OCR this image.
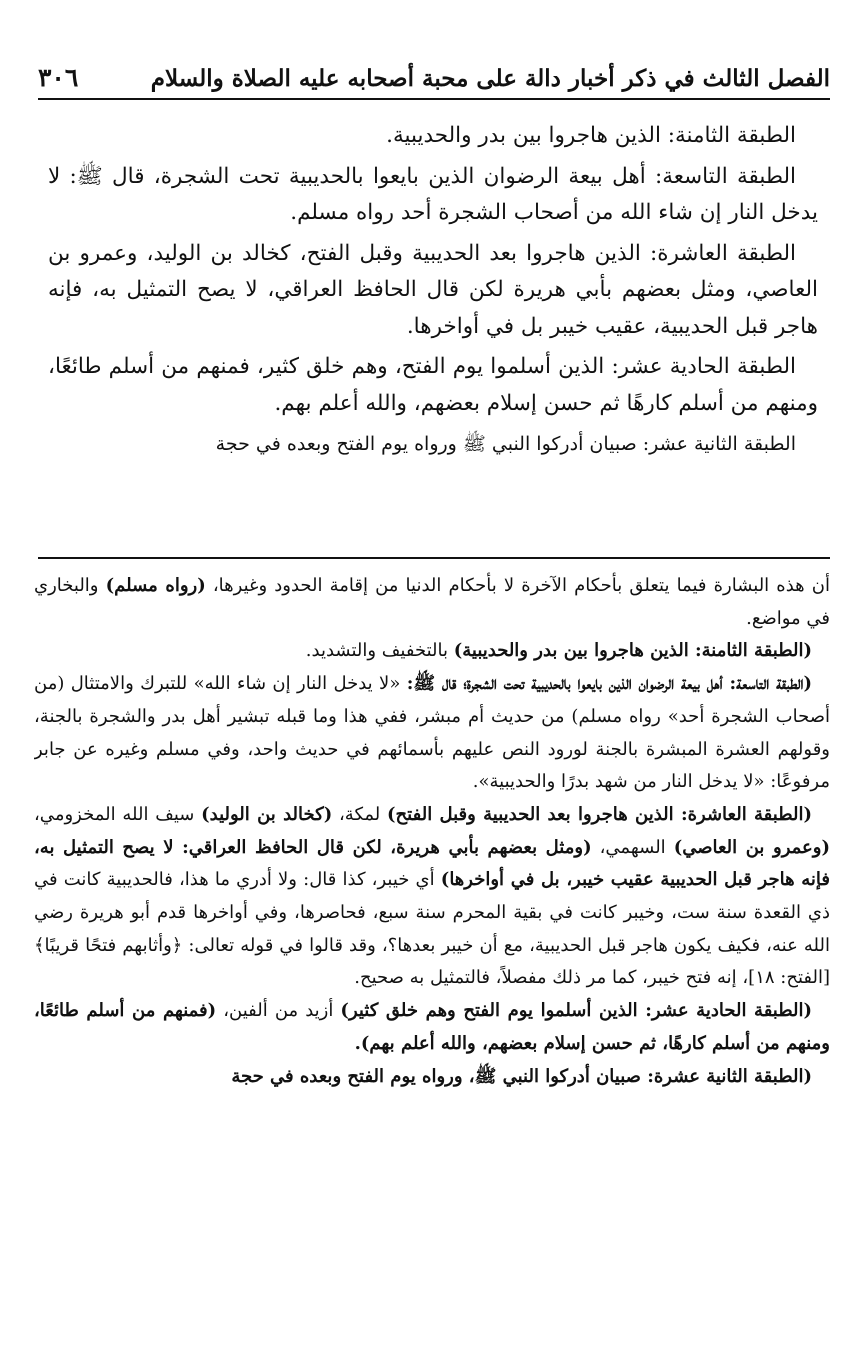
الفصل الثالث في ذكر أخبار دالة على محبة أصحابه عليه الصلاة والسلام
٣٠٦

الطبقة الثامنة: الذين هاجروا بين بدر والحديبية.

الطبقة التاسعة: أهل بيعة الرضوان الذين بايعوا بالحديبية تحت الشجرة، قال ﷺ: لا يدخل النار إن شاء الله من أصحاب الشجرة أحد رواه مسلم.

الطبقة العاشرة: الذين هاجروا بعد الحديبية وقبل الفتح، كخالد بن الوليد، وعمرو بن العاصي، ومثل بعضهم بأبي هريرة لكن قال الحافظ العراقي، لا يصح التمثيل به، فإنه هاجر قبل الحديبية، عقيب خيبر بل في أواخرها.

الطبقة الحادية عشر: الذين أسلموا يوم الفتح، وهم خلق كثير، فمنهم من أسلم طائعًا، ومنهم من أسلم كارهًا ثم حسن إسلام بعضهم، والله أعلم بهم.

الطبقة الثانية عشر: صبيان أدركوا النبي ﷺ ورواه يوم الفتح وبعده في حجة

أن هذه البشارة فيما يتعلق بأحكام الآخرة لا بأحكام الدنيا من إقامة الحدود وغيرها، (رواه مسلم) والبخاري في مواضع.

(الطبقة الثامنة: الذين هاجروا بين بدر والحديبية) بالتخفيف والتشديد.

(الطبقة التاسعة: أهل بيعة الرضوان الذين بايعوا بالحديبية تحت الشجرة؛ قال ﷺ: «لا يدخل النار إن شاء الله» للتبرك والامتثال (من أصحاب الشجرة أحد» رواه مسلم) من حديث أم مبشر، ففي هذا وما قبله تبشير أهل بدر والشجرة بالجنة، وقولهم العشرة المبشرة بالجنة لورود النص عليهم بأسمائهم في حديث واحد، وفي مسلم وغيره عن جابر مرفوعًا: «لا يدخل النار من شهد بدرًا والحديبية».

(الطبقة العاشرة: الذين هاجروا بعد الحديبية وقبل الفتح) لمكة، (كخالد بن الوليد) سيف الله المخزومي، (وعمرو بن العاصي) السهمي، (ومثل بعضهم بأبي هريرة، لكن قال الحافظ العراقي: لا يصح التمثيل به، فإنه هاجر قبل الحديبية عقيب خيبر، بل في أواخرها) أي خيبر، كذا قال: ولا أدري ما هذا، فالحديبية كانت في ذي القعدة سنة ست، وخيبر كانت في بقية المحرم سنة سبع، فحاصرها، وفي أواخرها قدم أبو هريرة رضي الله عنه، فكيف يكون هاجر قبل الحديبية، مع أن خيبر بعدها؟، وقد قالوا في قوله تعالى: ﴿وأثابهم فتحًا قريبًا﴾ [الفتح: ١٨]، إنه فتح خيبر، كما مر ذلك مفصلاً، فالتمثيل به صحيح.

(الطبقة الحادية عشر: الذين أسلموا يوم الفتح وهم خلق كثير) أزيد من ألفين، (فمنهم من أسلم طائعًا، ومنهم من أسلم كارهًا، ثم حسن إسلام بعضهم، والله أعلم بهم).

(الطبقة الثانية عشرة: صبيان أدركوا النبي ﷺ، ورواه يوم الفتح وبعده في حجة
